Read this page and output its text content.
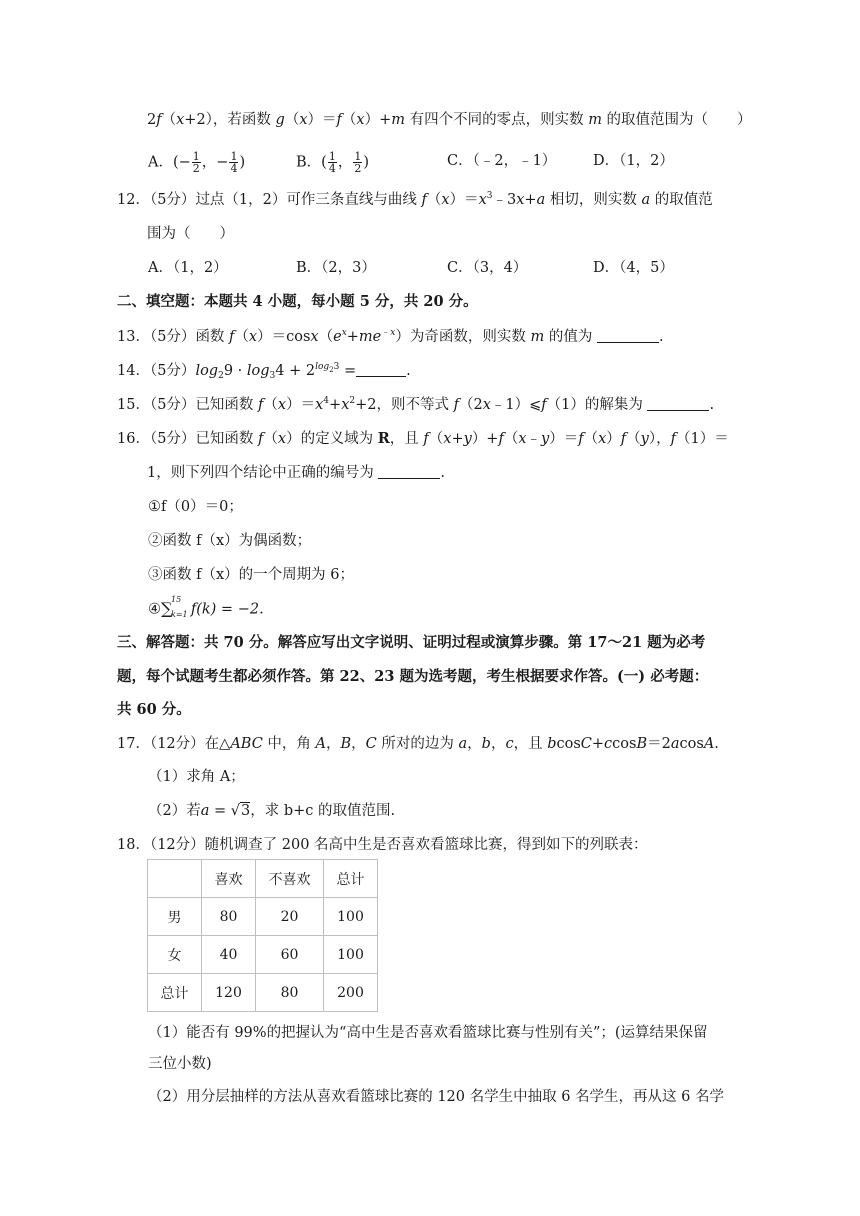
2f（x+2），若函数 g（x）＝f（x）+m 有四个不同的零点，则实数 m 的取值范围为（　　）
A．(− $\frac{1}{2}$ ，− $\frac{1}{4}$ )	B．( $\frac{1}{4}$ ， $\frac{1}{2}$ )	C．（﹣2，﹣1）	D．（1，2）
12．（5分）过点（1，2）可作三条直线与曲线 $f(x)=x^3﹣3x+a$ 相切，则实数 a 的取值范
围为（　　）
A．（1，2）	B．（2，3）	C．（3，4）	D．（4，5）
二、填空题：本题共 4 小题，每小题 5 分，共 20 分。
13．（5分）函数 $f(x)=\cos x(e^x+me^{﹣x})$为奇函数，则实数 m 的值为	.
14．（5分）$\log_29 \cdot \log_34 + 2^{log_23}$ =	.
15．（5分）已知函数 $f(x)=x^4+x^2+2$，则不等式 f（2x﹣1）⩽f（1）的解集为	.
16．（5分）已知函数 f（x）的定义域为 R，且 f（x+y）+f（x﹣y）＝f（x）f（y），f（1）＝
1，则下列四个结论中正确的编号为	.
①f（0）＝0；
②函数 f（x）为偶函数；
③函数 f（x）的一个周期为 6；
④∑
15
k=1 f(k) = −2.
三、解答题：共 70 分。解答应写出文字说明、证明过程或演算步骤。第 17～21 题为必考
题，每个试题考生都必须作答。第 22、23 题为选考题，考生根据要求作答。(一) 必考题：
共 60 分。
17．（12分）在△ABC 中，角 A，B，C 所对的边为 a，b，c，且 bcosC+ccosB＝2acosA.
（1）求角 A；
（2）若a = √3，求 b+c 的取值范围.
18．（12分）随机调查了 200 名高中生是否喜欢看篮球比赛，得到如下的列联表：
	喜欢	不喜欢	总计
男	80	20	100
女	40	60	100
总计	120	80	200
（1）能否有 99%的把握认为“高中生是否喜欢看篮球比赛与性别有关”；(运算结果保留
三位小数)
（2）用分层抽样的方法从喜欢看篮球比赛的 120 名学生中抽取 6 名学生，再从这 6 名学
